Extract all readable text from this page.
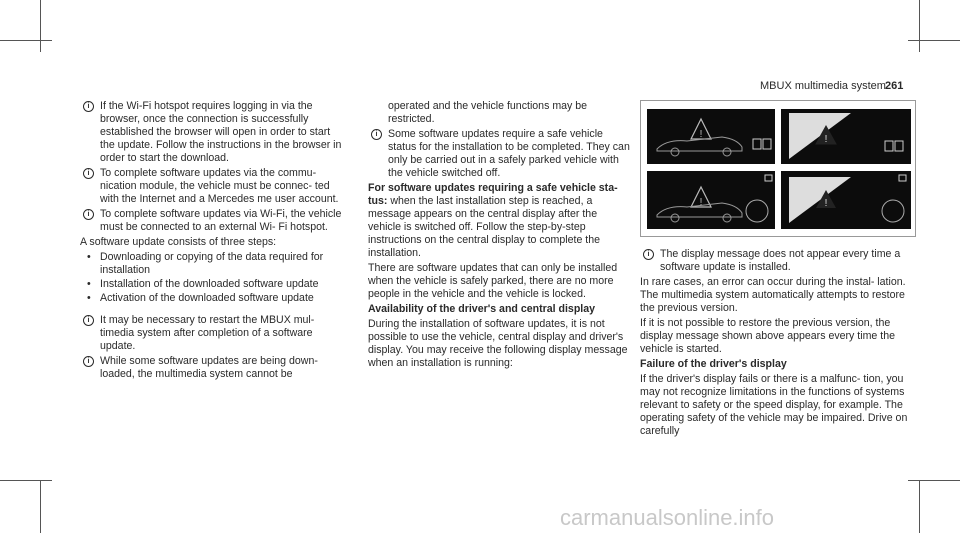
MBUX multimedia system 261
i If the Wi-Fi hotspot requires logging in via the browser, once the connection is successfully established the browser will open in order to start the update. Follow the instructions in the browser in order to start the download.
i To complete software updates via the commu- nication module, the vehicle must be connec- ted with the Internet and a Mercedes me user account.
i To complete software updates via Wi-Fi, the vehicle must be connected to an external Wi- Fi hotspot.
A software update consists of three steps:
• Downloading or copying of the data required for installation
• Installation of the downloaded software update
• Activation of the downloaded software update
i It may be necessary to restart the MBUX mul- timedia system after completion of a software update.
i While some software updates are being down- loaded, the multimedia system cannot be
operated and the vehicle functions may be restricted.
i Some software updates require a safe vehicle status for the installation to be completed. They can only be carried out in a safely parked vehicle with the vehicle switched off.
For software updates requiring a safe vehicle sta- tus: when the last installation step is reached, a message appears on the central display after the vehicle is switched off. Follow the step-by-step instructions on the central display to complete the installation.
There are software updates that can only be installed when the vehicle is safely parked, there are no more people in the vehicle and the vehicle is locked.
Availability of the driver's and central display
During the installation of software updates, it is not possible to use the vehicle, central display and driver's display. You may receive the following display message when an installation is running:
!	!
!	!
i The display message does not appear every time a software update is installed.
In rare cases, an error can occur during the instal- lation. The multimedia system automatically attempts to restore the previous version.
If it is not possible to restore the previous version, the display message shown above appears every time the vehicle is started.
Failure of the driver's display
If the driver's display fails or there is a malfunc- tion, you may not recognize limitations in the functions of systems relevant to safety or the speed display, for example. The operating safety of the vehicle may be impaired. Drive on carefully
carmanualsonline.info
